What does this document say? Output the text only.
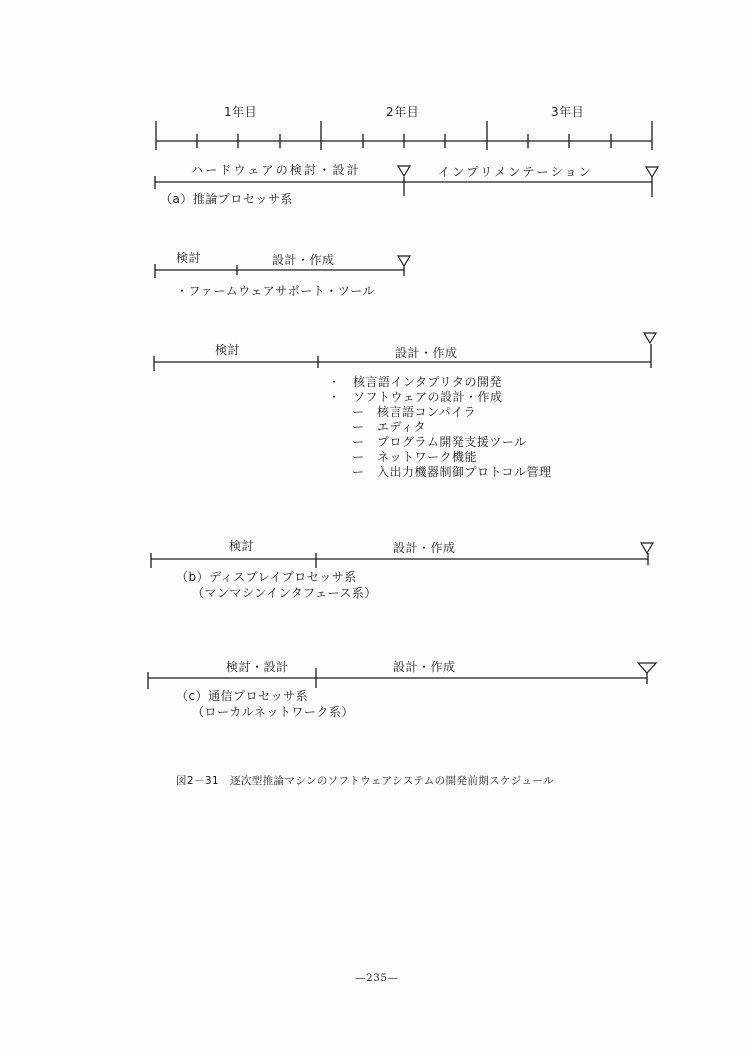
1年目	2年目	3年目
ハードウェアの検討・設計	インプリメンテーション
（a）推論プロセッサ系
検討	設計・作成
・ファームウェアサポート・ツール
検討	設計・作成
・　核言語インタプリタの開発
・　ソフトウェアの設計・作成
ー　核言語コンパイラ
ー　エディタ
ー　プログラム開発支援ツール
ー　ネットワーク機能
ー　入出力機器制御プロトコル管理
検討	設計・作成
（b）ディスプレイプロセッサ系
（マンマシンインタフェース系）
検討・設計	設計・作成
（c）通信プロセッサ系
（ローカルネットワーク系）
図2－31　逐次型推論マシンのソフトウェアシステムの開発前期スケジュール
—235—
